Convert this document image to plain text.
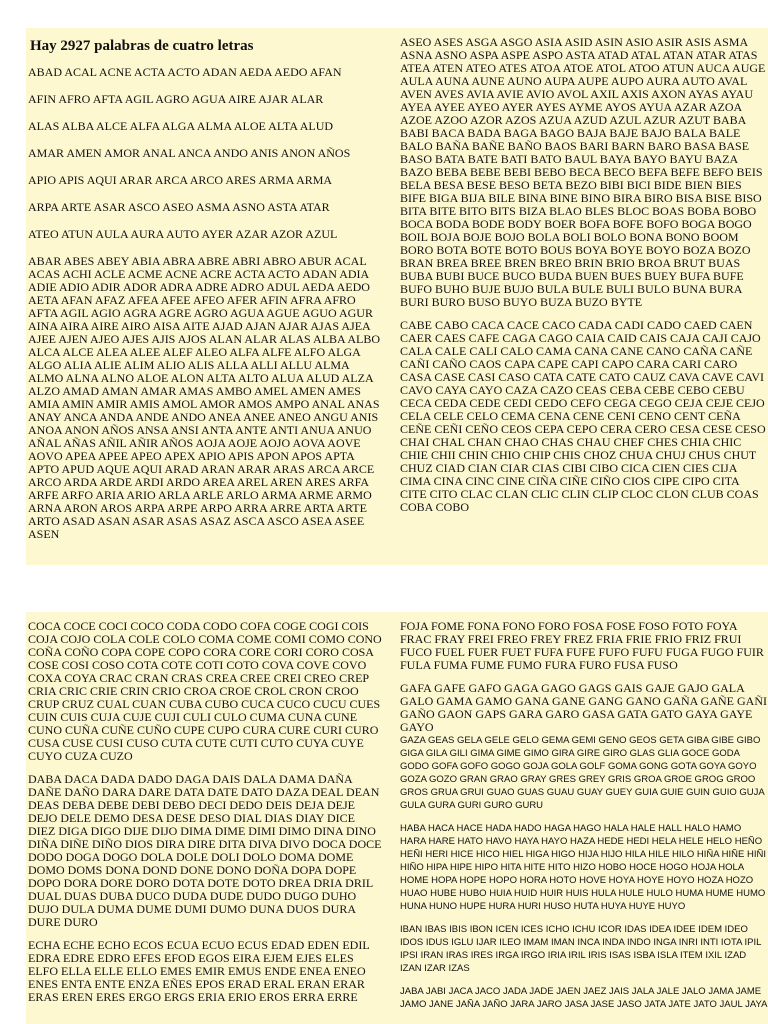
Hay 2927 palabras de cuatro letras

ABAD ACAL ACNE ACTA ACTO ADAN AEDA AEDO AFAN

AFIN AFRO AFTA AGIL AGRO AGUA AIRE AJAR ALAR

ALAS ALBA ALCE ALFA ALGA ALMA ALOE ALTA ALUD

AMAR AMEN AMOR ANAL ANCA ANDO ANIS ANON AÑOS

APIO APIS AQUI ARAR ARCA ARCO ARES ARMA ARMA

ARPA ARTE ASAR ASCO ASEO ASMA ASNO ASTA ATAR

ATEO ATUN AULA AURA AUTO AYER AZAR AZOR AZUL

ABAR ABES ABEY ABIA ABRA ABRE ABRI ABRO ABUR ACAL ACAS ACHI ACLE ACME ACNE ACRE ACTA ACTO ADAN ADIA ADIE ADIO ADIR ADOR ADRA ADRE ADRO ADUL AEDA AEDO AETA AFAN AFAZ AFEA AFEE AFEO AFER AFIN AFRA AFRO AFTA AGIL AGIO AGRA AGRE AGRO AGUA AGUE AGUO AGUR AINA AIRA AIRE AIRO AISA AITE AJAD AJAN AJAR AJAS AJEA AJEE AJEN AJEO AJES AJIS AJOS ALAN ALAR ALAS ALBA ALBO ALCA ALCE ALEA ALEE ALEF ALEO ALFA ALFE ALFO ALGA ALGO ALIA ALIE ALIM ALIO ALIS ALLA ALLI ALLU ALMA ALMO ALNA ALNO ALOE ALON ALTA ALTO ALUA ALUD ALZA ALZO AMAD AMAN AMAR AMAS AMBO AMEL AMEN AMES AMIA AMIN AMIR AMIS AMOL AMOR AMOS AMPO ANAL ANAS ANAY ANCA ANDA ANDE ANDO ANEA ANEE ANEO ANGU ANIS ANOA ANON AÑOS ANSA ANSI ANTA ANTE ANTI ANUA ANUO AÑAL AÑAS AÑIL AÑIR AÑOS AOJA AOJE AOJO AOVA AOVE AOVO APEA APEE APEO APEX APIO APIS APON APOS APTA APTO APUD AQUE AQUI ARAD ARAN ARAR ARAS ARCA ARCE ARCO ARDA ARDE ARDI ARDO AREA AREL AREN ARES ARFA ARFE ARFO ARIA ARIO ARLA ARLE ARLO ARMA ARME ARMO ARNA ARON AROS ARPA ARPE ARPO ARRA ARRE ARTA ARTE ARTO ASAD ASAN ASAR ASAS ASAZ ASCA ASCO ASEA ASEE ASEN

ASEO ASES ASGA ASGO ASIA ASID ASIN ASIO ASIR ASIS ASMA ASNA ASNO ASPA ASPE ASPO ASTA ATAD ATAL ATAN ATAR ATAS ATEA ATEN ATEO ATES ATOA ATOE ATOL ATOO ATUN AUCA AUGE AULA AUNA AUNE AUNO AUPA AUPE AUPO AURA AUTO AVAL AVEN AVES AVIA AVIE AVIO AVOL AXIL AXIS AXON AYAS AYAU AYEA AYEE AYEO AYER AYES AYME AYOS AYUA AZAR AZOA AZOE AZOO AZOR AZOS AZUA AZUD AZUL AZUR AZUT BABA BABI BACA BADA BAGA BAGO BAJA BAJE BAJO BALA BALE BALO BAÑA BAÑE BAÑO BAOS BARI BARN BARO BASA BASE BASO BATA BATE BATI BATO BAUL BAYA BAYO BAYU BAZA BAZO BEBA BEBE BEBI BEBO BECA BECO BEFA BEFE BEFO BEIS BELA BESA BESE BESO BETA BEZO BIBI BICI BIDE BIEN BIES BIFE BIGA BIJA BILE BINA BINE BINO BIRA BIRO BISA BISE BISO BITA BITE BITO BITS BIZA BLAO BLES BLOC BOAS BOBA BOBO BOCA BODA BODE BODY BOER BOFA BOFE BOFO BOGA BOGO BOIL BOJA BOJE BOJO BOLA BOLI BOLO BONA BONO BOOM BORO BOTA BOTE BOTO BOUS BOYA BOYE BOYO BOZA BOZO BRAN BREA BREE BREN BREO BRIN BRIO BROA BRUT BUAS BUBA BUBI BUCE BUCO BUDA BUEN BUES BUEY BUFA BUFE BUFO BUHO BUJE BUJO BULA BULE BULI BULO BUNA BURA BURI BURO BUSO BUYO BUZA BUZO BYTE

CABE CABO CACA CACE CACO CADA CADI CADO CAED CAEN CAER CAES CAFE CAGA CAGO CAIA CAID CAIS CAJA CAJI CAJO CALA CALE CALI CALO CAMA CANA CANE CANO CAÑA CAÑE CAÑI CAÑO CAOS CAPA CAPE CAPI CAPO CARA CARI CARO CASA CASE CASI CASO CATA CATE CATO CAUZ CAVA CAVE CAVI CAVO CAYA CAYO CAZA CAZO CEAS CEBA CEBE CEBO CEBU CECA CEDA CEDE CEDI CEDO CEFO CEGA CEGO CEJA CEJE CEJO CELA CELE CELO CEMA CENA CENE CENI CENO CENT CEÑA CEÑE CEÑI CEÑO CEOS CEPA CEPO CERA CERO CESA CESE CESO CHAI CHAL CHAN CHAO CHAS CHAU CHEF CHES CHIA CHIC CHIE CHII CHIN CHIO CHIP CHIS CHOZ CHUA CHUJ CHUS CHUT CHUZ CIAD CIAN CIAR CIAS CIBI CIBO CICA CIEN CIES CIJA CIMA CINA CINC CINE CIÑA CIÑE CIÑO CIOS CIPE CIPO CITA CITE CITO CLAC CLAN CLIC CLIN CLIP CLOC CLON CLUB COAS COBA COBO

COCA COCE COCI COCO CODA CODO COFA COGE COGI COIS COJA COJO COLA COLE COLO COMA COME COMI COMO CONO COÑA COÑO COPA COPE COPO CORA CORE CORI CORO COSA COSE COSI COSO COTA COTE COTI COTO COVA COVE COVO COXA COYA CRAC CRAN CRAS CREA CREE CREI CREO CREP CRIA CRIC CRIE CRIN CRIO CROA CROE CROL CRON CROO CRUP CRUZ CUAL CUAN CUBA CUBO CUCA CUCO CUCU CUES CUIN CUIS CUJA CUJE CUJI CULI CULO CUMA CUNA CUNE CUNO CUÑA CUÑE CUÑO CUPE CUPO CURA CURE CURI CURO CUSA CUSE CUSI CUSO CUTA CUTE CUTI CUTO CUYA CUYE CUYO CUZA CUZO

DABA DACA DADA DADO DAGA DAIS DALA DAMA DAÑA DAÑE DAÑO DARA DARE DATA DATE DATO DAZA DEAL DEAN DEAS DEBA DEBE DEBI DEBO DECI DEDO DEIS DEJA DEJE DEJO DELE DEMO DESA DESE DESO DIAL DIAS DIAY DICE DIEZ DIGA DIGO DIJE DIJO DIMA DIME DIMI DIMO DINA DINO DIÑA DIÑE DIÑO DIOS DIRA DIRE DITA DIVA DIVO DOCA DOCE DODO DOGA DOGO DOLA DOLE DOLI DOLO DOMA DOME DOMO DOMS DONA DOND DONE DONO DOÑA DOPA DOPE DOPO DORA DORE DORO DOTA DOTE DOTO DREA DRIA DRIL DUAL DUAS DUBA DUCO DUDA DUDE DUDO DUGO DUHO DUJO DULA DUMA DUME DUMI DUMO DUNA DUOS DURA DURE DURO

ECHA ECHE ECHO ECOS ECUA ECUO ECUS EDAD EDEN EDIL EDRA EDRE EDRO EFES EFOD EGOS EIRA EJEM EJES ELES ELFO ELLA ELLE ELLO EMES EMIR EMUS ENDE ENEA ENEO ENES ENTA ENTE ENZA EÑES EPOS ERAD ERAL ERAN ERAR ERAS EREN ERES ERGO ERGS ERIA ERIO EROS ERRA ERRE

FOJA FOME FONA FONO FORO FOSA FOSE FOSO FOTO FOYA FRAC FRAY FREI FREO FREY FREZ FRIA FRIE FRIO FRIZ FRUI FUCO FUEL FUER FUET FUFA FUFE FUFO FUFU FUGA FUGO FUIR FULA FUMA FUME FUMO FURA FURO FUSA FUSO

GAFA GAFE GAFO GAGA GAGO GAGS GAIS GAJE GAJO GALA GALO GAMA GAMO GANA GANE GANG GANO GAÑA GAÑE GAÑI GAÑO GAON GAPS GARA GARO GASA GATA GATO GAYA GAYE GAYO

GAZA GEAS GELA GELE GELO GEMA GEMI GENO GEOS GETA GIBA GIBE GIBO GIGA GILA GILI GIMA GIME GIMO GIRA GIRE GIRO GLAS GLIA GOCE GODA GODO GOFA GOFO GOGO GOJA GOLA GOLF GOMA GONG GOTA GOYA GOYO GOZA GOZO GRAN GRAO GRAY GRES GREY GRIS GROA GROE GROG GROO GROS GRUA GRUI GUAO GUAS GUAU GUAY GUEY GUIA GUIE GUIN GUIO GUJA GULA GURA GURI GURO GURU

HABA HACA HACE HADA HADO HAGA HAGO HALA HALE HALL HALO HAMO HARA HARE HATO HAVO HAYA HAYO HAZA HEDE HEDI HELA HELE HELO HEÑO HEÑI HERI HICE HICO HIEL HIGA HIGO HIJA HIJO HILA HILE HILO HIÑA HIÑE HIÑI HIÑO HIPA HIPE HIPO HITA HITE HITO HIZO HOBO HOCE HOGO HOJA HOLA HOME HOPA HOPE HOPO HORA HOTO HOVE HOYA HOYE HOYO HOZA HOZO HUAO HUBE HUBO HUIA HUID HUIR HUIS HULA HULE HULO HUMA HUME HUMO HUNA HUNO HUPE HURA HURI HUSO HUTA HUYA HUYE HUYO

IBAN IBAS IBIS IBON ICEN ICES ICHO ICHU ICOR IDAS IDEA IDEE IDEM IDEO IDOS IDUS IGLU IJAR ILEO IMAM IMAN INCA INDA INDO INGA INRI INTI IOTA IPIL IPSI IRAN IRAS IRES IRGA IRGO IRIA IRIL IRIS ISAS ISBA ISLA ITEM IXIL IZAD IZAN IZAR IZAS

JABA JABI JACA JACO JADA JADE JAEN JAEZ JAIS JALA JALE JALO JAMA JAME JAMO JANE JAÑA JAÑO JARA JARO JASA JASE JASO JATA JATE JATO JAUL JAYA
